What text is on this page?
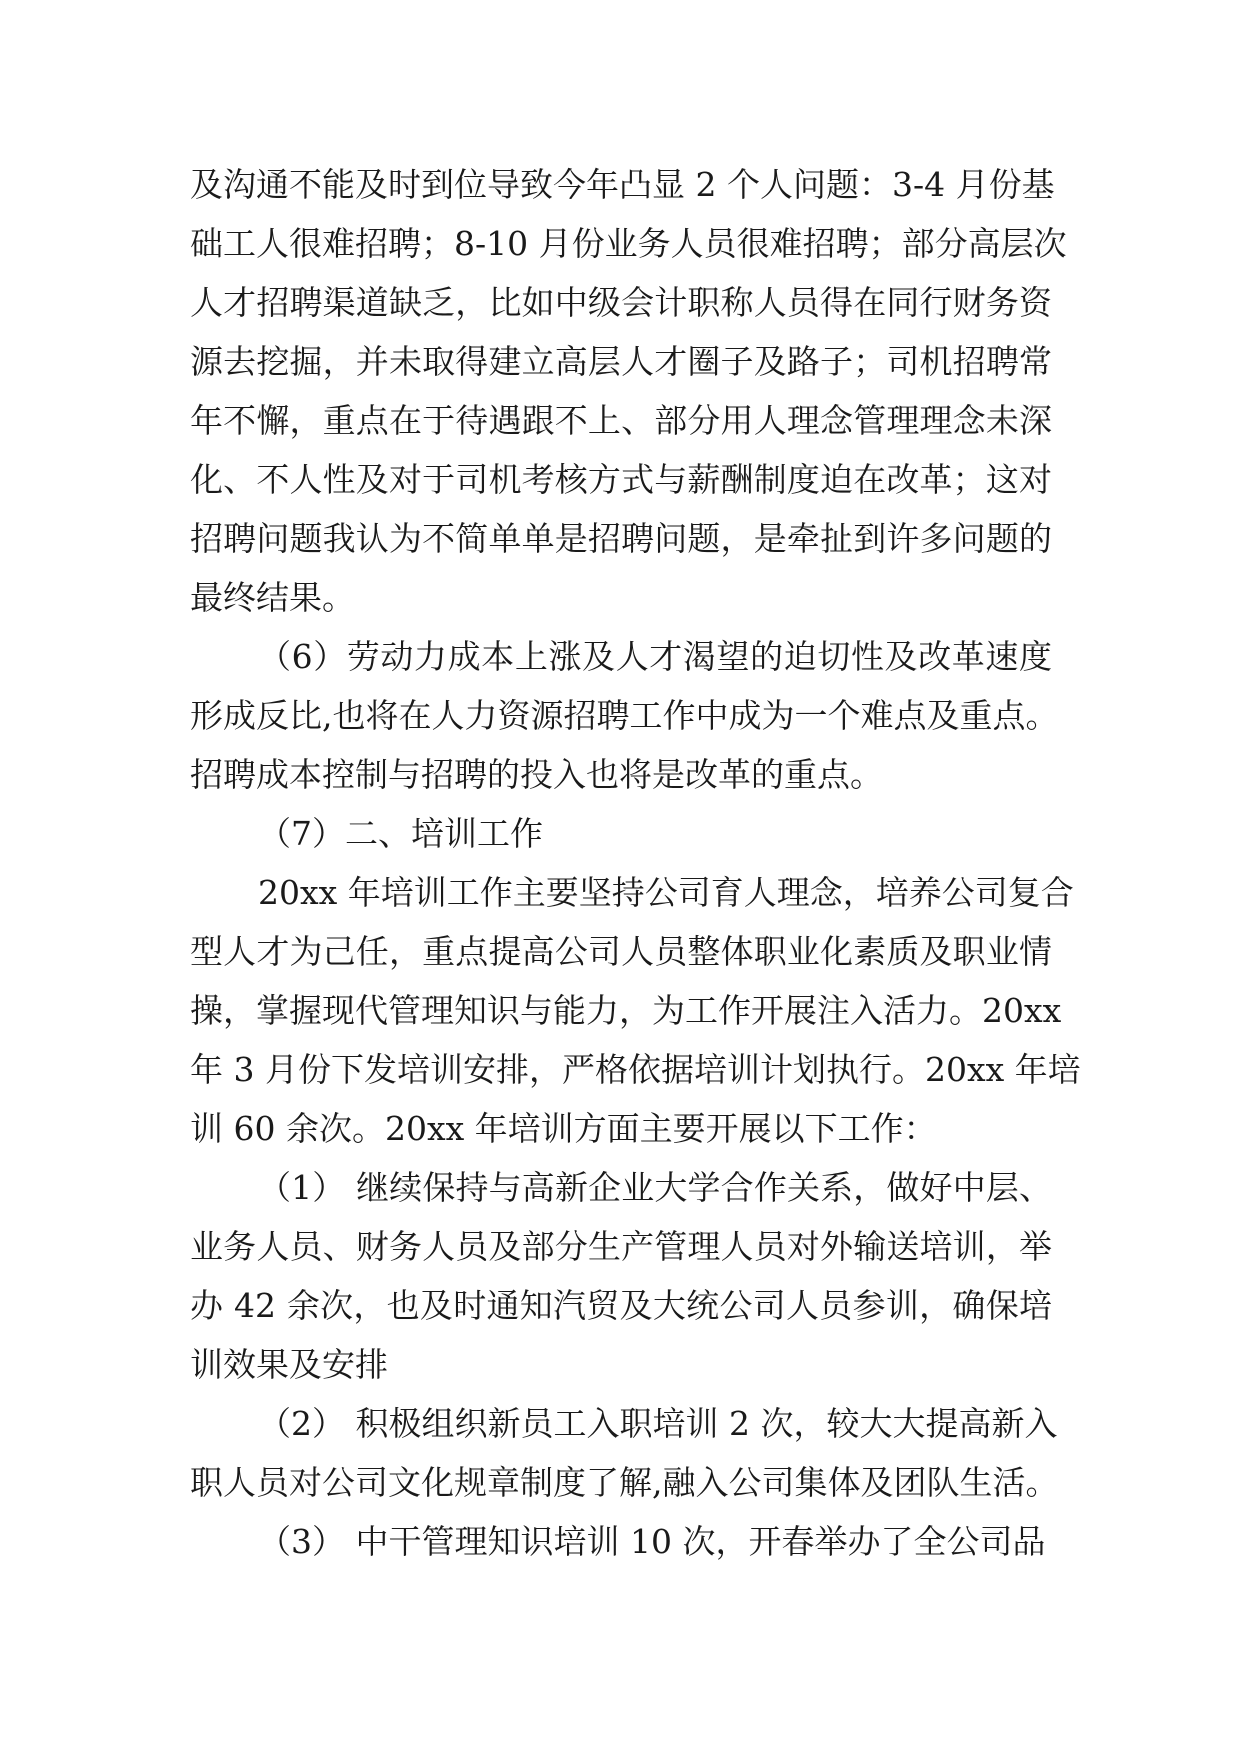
及沟通不能及时到位导致今年凸显 2 个人问题：3-4 月份基
础工人很难招聘；8-10 月份业务人员很难招聘；部分高层次
人才招聘渠道缺乏，比如中级会计职称人员得在同行财务资
源去挖掘，并未取得建立高层人才圈子及路子；司机招聘常
年不懈，重点在于待遇跟不上、部分用人理念管理理念未深
化、不人性及对于司机考核方式与薪酬制度迫在改革；这对
招聘问题我认为不简单单是招聘问题，是牵扯到许多问题的
最终结果。
（6）劳动力成本上涨及人才渴望的迫切性及改革速度
形成反比,也将在人力资源招聘工作中成为一个难点及重点。
招聘成本控制与招聘的投入也将是改革的重点。
（7）二、培训工作
20xx 年培训工作主要坚持公司育人理念，培养公司复合
型人才为己任，重点提高公司人员整体职业化素质及职业情
操，掌握现代管理知识与能力，为工作开展注入活力。20xx
年 3 月份下发培训安排，严格依据培训计划执行。20xx 年培
训 60 余次。20xx 年培训方面主要开展以下工作：
（1） 继续保持与高新企业大学合作关系，做好中层、
业务人员、财务人员及部分生产管理人员对外输送培训，举
办 42 余次，也及时通知汽贸及大统公司人员参训，确保培
训效果及安排
（2） 积极组织新员工入职培训 2 次，较大大提高新入
职人员对公司文化规章制度了解,融入公司集体及团队生活。
（3） 中干管理知识培训 10 次，开春举办了全公司品
